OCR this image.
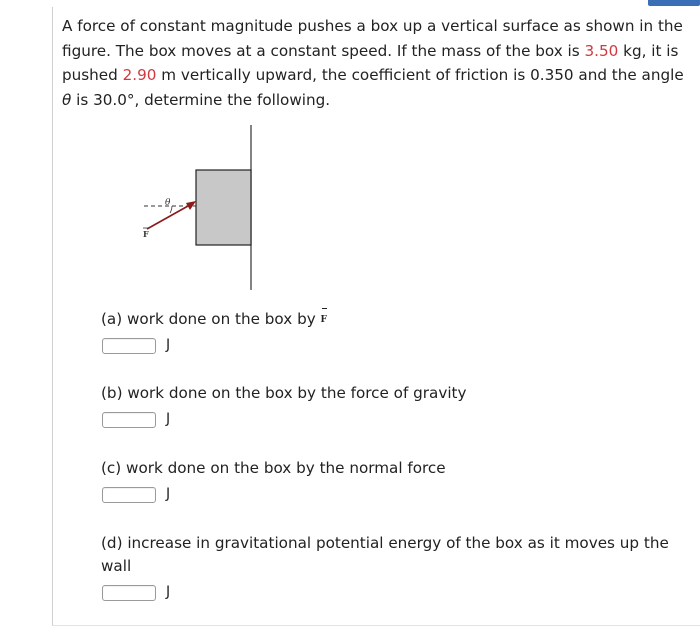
A force of constant magnitude pushes a box up a vertical surface as shown in the figure. The box moves at a constant speed. If the mass of the box is 3.50 kg, it is pushed 2.90 m vertically upward, the coefficient of friction is 0.350 and the angle θ is 30.0°, determine the following.
θ
F
(a) work done on the box by F
J
(b) work done on the box by the force of gravity
J
(c) work done on the box by the normal force
J
(d) increase in gravitational potential energy of the box as it moves up the wall
J
